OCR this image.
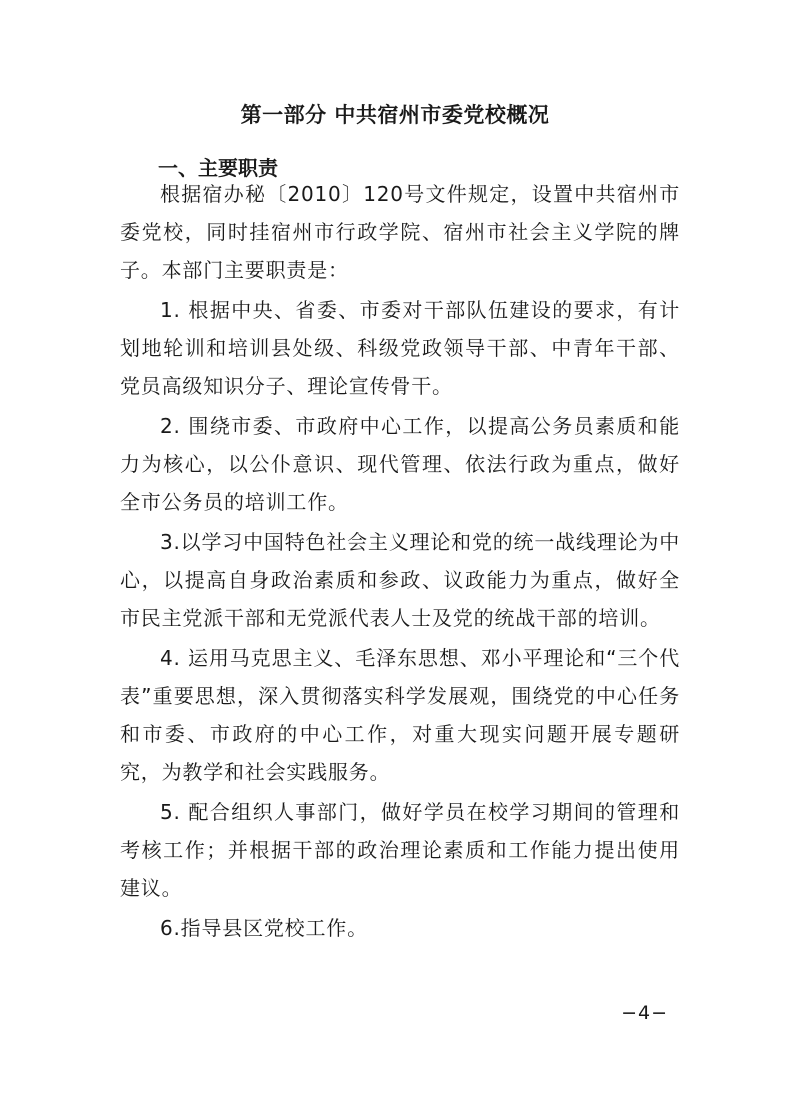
第一部分 中共宿州市委党校概况
一、主要职责

根据宿办秘〔2010〕120号文件规定，设置中共宿州市委党校，同时挂宿州市行政学院、宿州市社会主义学院的牌子。本部门主要职责是：

1. 根据中央、省委、市委对干部队伍建设的要求，有计划地轮训和培训县处级、科级党政领导干部、中青年干部、党员高级知识分子、理论宣传骨干。

2. 围绕市委、市政府中心工作，以提高公务员素质和能力为核心，以公仆意识、现代管理、依法行政为重点，做好全市公务员的培训工作。

3.以学习中国特色社会主义理论和党的统一战线理论为中心，以提高自身政治素质和参政、议政能力为重点，做好全市民主党派干部和无党派代表人士及党的统战干部的培训。

4. 运用马克思主义、毛泽东思想、邓小平理论和“三个代表”重要思想，深入贯彻落实科学发展观，围绕党的中心任务和市委、市政府的中心工作，对重大现实问题开展专题研究，为教学和社会实践服务。

5. 配合组织人事部门，做好学员在校学习期间的管理和考核工作；并根据干部的政治理论素质和工作能力提出使用建议。

6.指导县区党校工作。

−4−
